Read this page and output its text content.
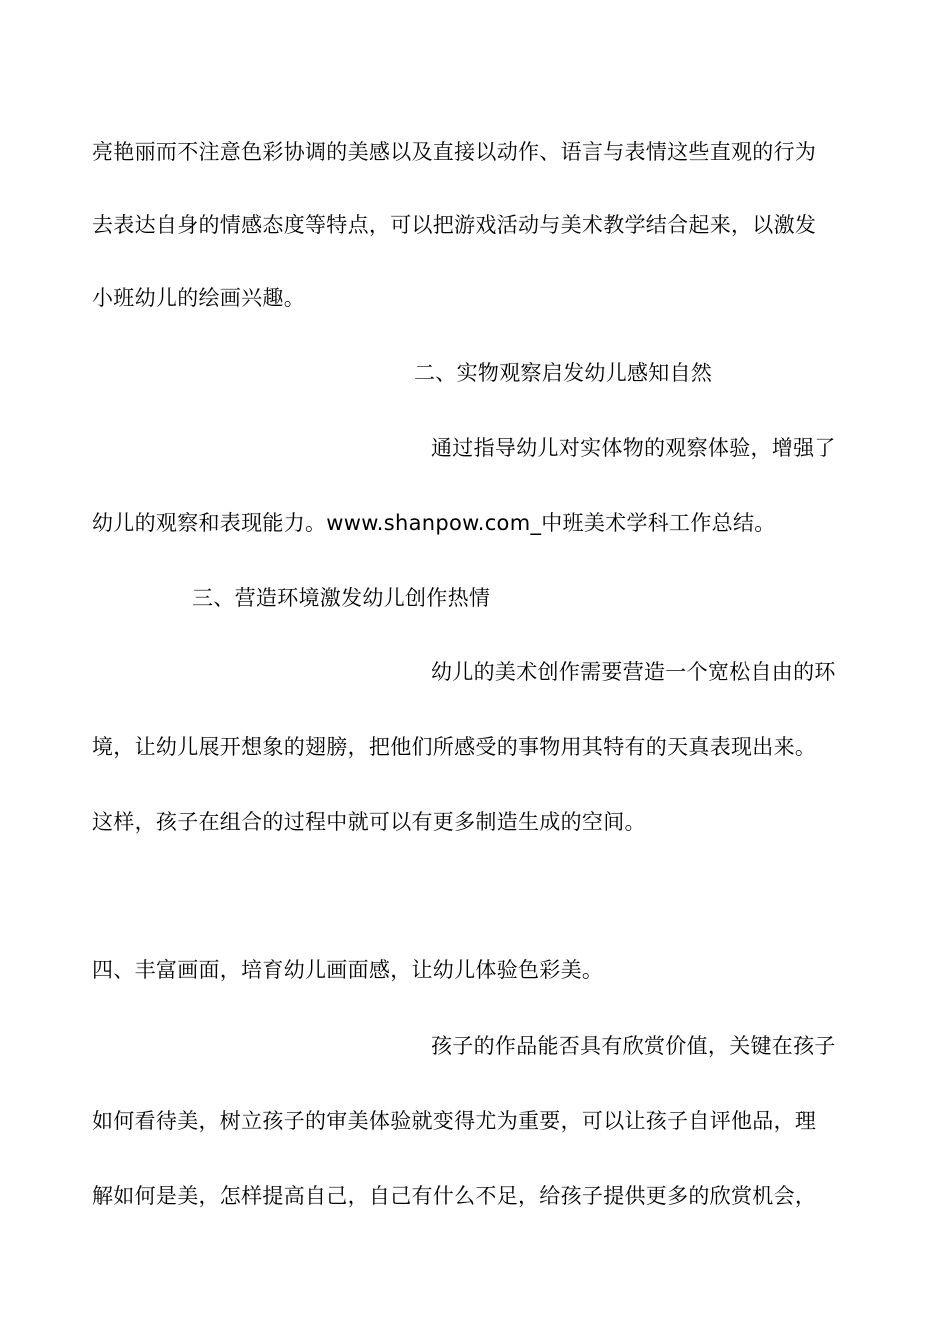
亮艳丽而不注意色彩协调的美感以及直接以动作、语言与表情这些直观的行为
去表达自身的情感态度等特点，可以把游戏活动与美术教学结合起来，以激发
小班幼儿的绘画兴趣。
二、实物观察启发幼儿感知自然
通过指导幼儿对实体物的观察体验，增强了
幼儿的观察和表现能力。www.shanpow.com_中班美术学科工作总结。
三、营造环境激发幼儿创作热情
幼儿的美术创作需要营造一个宽松自由的环
境，让幼儿展开想象的翅膀，把他们所感受的事物用其特有的天真表现出来。
这样，孩子在组合的过程中就可以有更多制造生成的空间。
四、丰富画面，培育幼儿画面感，让幼儿体验色彩美。
孩子的作品能否具有欣赏价值，关键在孩子
如何看待美，树立孩子的审美体验就变得尤为重要，可以让孩子自评他品，理
解如何是美，怎样提高自己，自己有什么不足，给孩子提供更多的欣赏机会，
